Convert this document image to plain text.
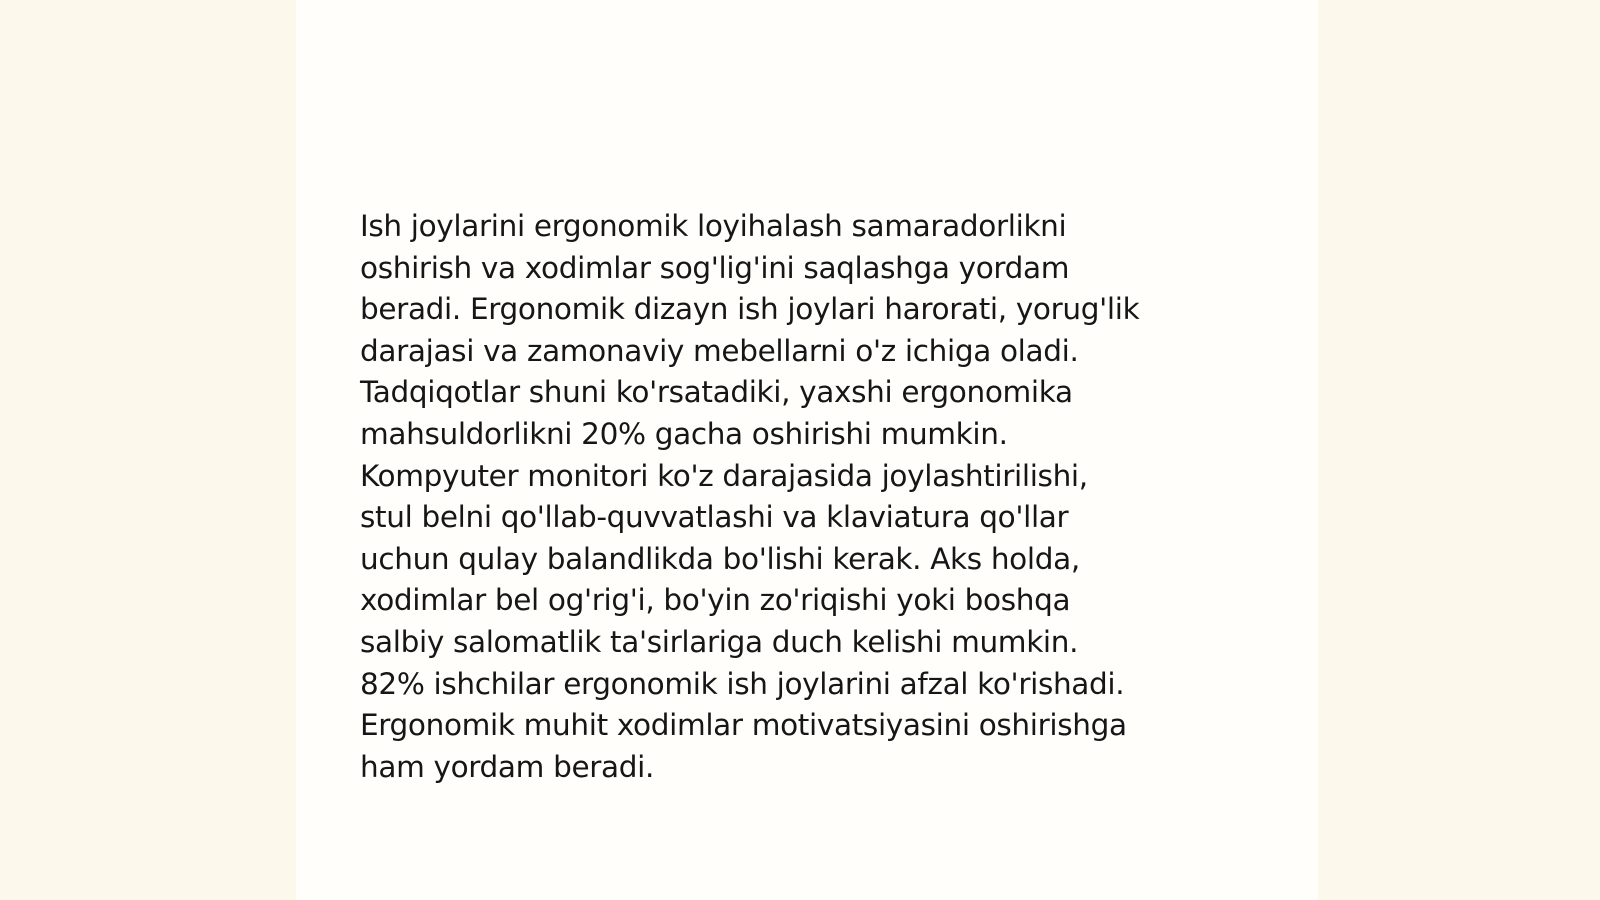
Ish joylarini ergonomik loyihalash samaradorlikni
oshirish va xodimlar sog'lig'ini saqlashga yordam
beradi. Ergonomik dizayn ish joylari harorati, yorug'lik
darajasi va zamonaviy mebellarni o'z ichiga oladi.
Tadqiqotlar shuni ko'rsatadiki, yaxshi ergonomika
mahsuldorlikni 20% gacha oshirishi mumkin.
Kompyuter monitori ko'z darajasida joylashtirilishi,
stul belni qo'llab-quvvatlashi va klaviatura qo'llar
uchun qulay balandlikda bo'lishi kerak. Aks holda,
xodimlar bel og'rig'i, bo'yin zo'riqishi yoki boshqa
salbiy salomatlik ta'sirlariga duch kelishi mumkin.
82% ishchilar ergonomik ish joylarini afzal ko'rishadi.
Ergonomik muhit xodimlar motivatsiyasini oshirishga
ham yordam beradi.
